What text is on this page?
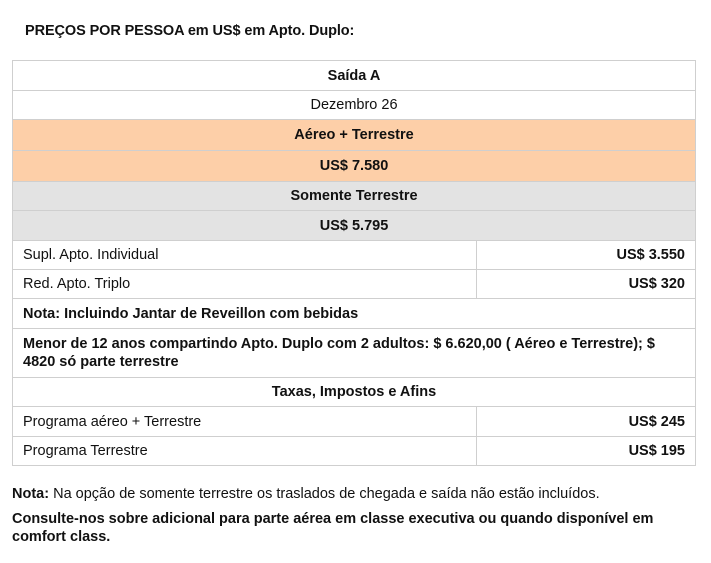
PREÇOS POR PESSOA em US$ em Apto. Duplo:
Saída A	
Dezembro 26	
Aéreo + Terrestre	
US$ 7.580	
Somente Terrestre	
US$ 5.795	
Supl. Apto. Individual	US$ 3.550
Red. Apto. Triplo	US$ 320
Nota: Incluindo Jantar de Reveillon com bebidas	
Menor de 12 anos compartindo Apto. Duplo com 2 adultos: $ 6.620,00 ( Aéreo e Terrestre); $ 4820 só parte terrestre	
Taxas, Impostos e Afins	
Programa aéreo + Terrestre	US$ 245
Programa Terrestre	US$ 195
Nota: Na opção de somente terrestre os traslados de chegada e saída não estão incluídos.
Consulte-nos sobre adicional para parte aérea em classe executiva ou quando disponível em comfort class.
